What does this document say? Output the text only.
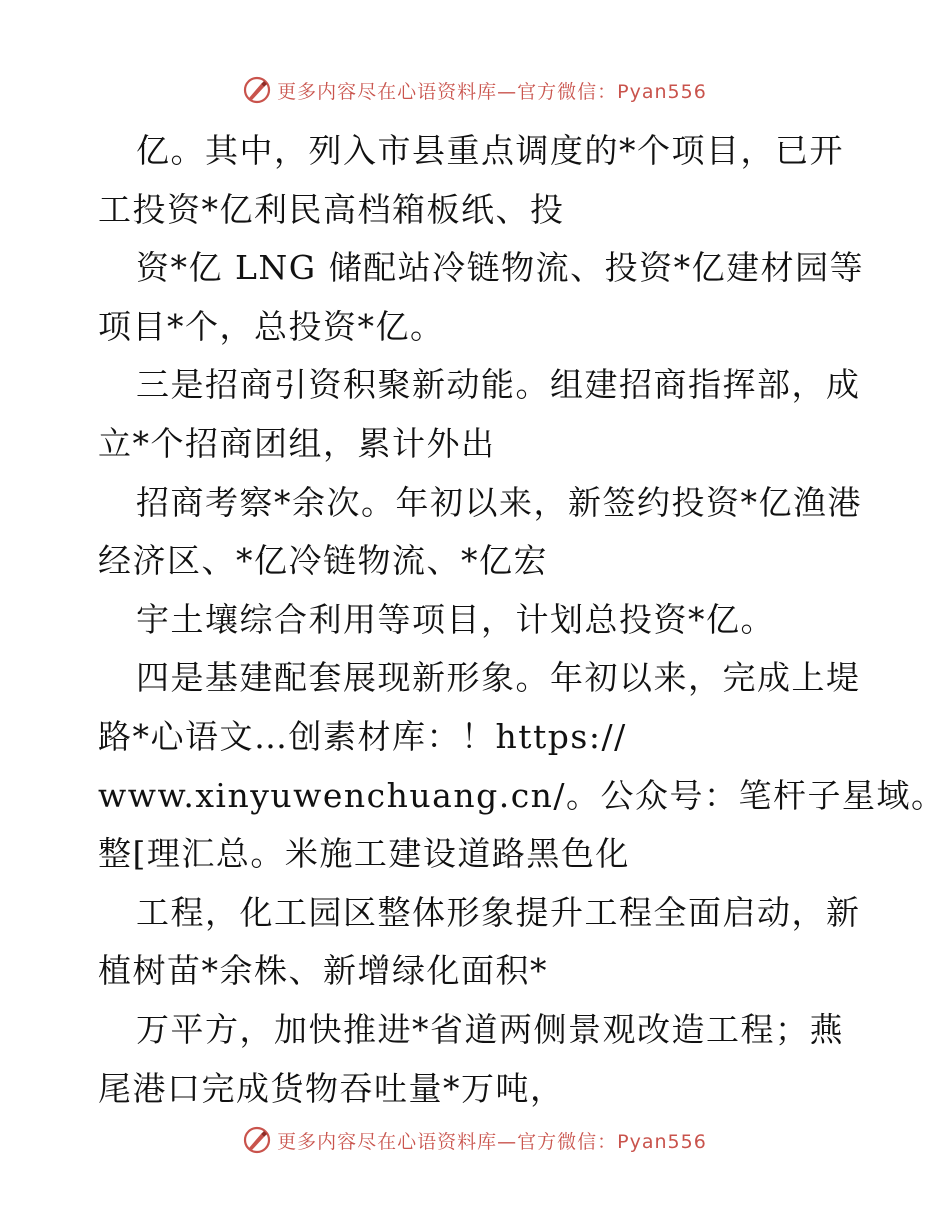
更多内容尽在心语资料库—官方微信：Pyan556
亿。其中，列入市县重点调度的*个项目，已开
工投资*亿利民高档箱板纸、投
资*亿 LNG 储配站冷链物流、投资*亿建材园等
项目*个，总投资*亿。
三是招商引资积聚新动能。组建招商指挥部，成
立*个招商团组，累计外出
招商考察*余次。年初以来，新签约投资*亿渔港
经济区、*亿冷链物流、*亿宏
宇土壤综合利用等项目，计划总投资*亿。
四是基建配套展现新形象。年初以来，完成上堤
路*心语文…创素材库：！https://
www.xinyuwenchuang.cn/。公众号：笔杆子星域。
整[理汇总。米施工建设道路黑色化
工程，化工园区整体形象提升工程全面启动，新
植树苗*余株、新增绿化面积*
万平方，加快推进*省道两侧景观改造工程；燕
尾港口完成货物吞吐量*万吨，
更多内容尽在心语资料库—官方微信：Pyan556
